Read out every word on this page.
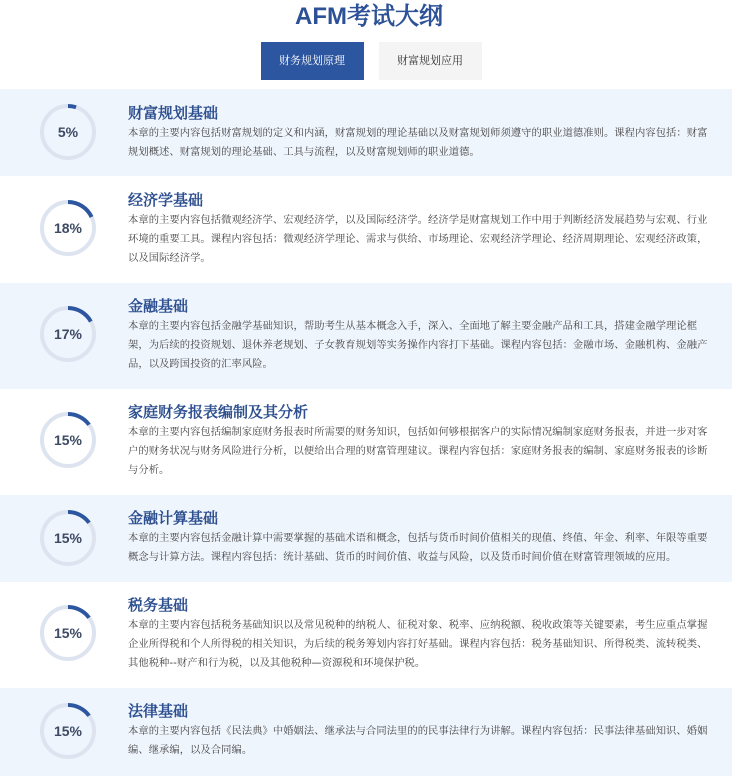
AFM考试大纲
财务规划原理	财富规划应用
5%
财富规划基础
本章的主要内容包括财富规划的定义和内涵，财富规划的理论基础以及财富规划师须遵守的职业道德准则。课程内容包括：财富规划概述、财富规划的理论基础、工具与流程，以及财富规划师的职业道德。
18%
经济学基础
本章的主要内容包括微观经济学、宏观经济学，以及国际经济学。经济学是财富规划工作中用于判断经济发展趋势与宏观、行业环境的重要工具。课程内容包括：微观经济学理论、需求与供给、市场理论、宏观经济学理论、经济周期理论、宏观经济政策，以及国际经济学。
17%
金融基础
本章的主要内容包括金融学基础知识，帮助考生从基本概念入手，深入、全面地了解主要金融产品和工具，搭建金融学理论框架，为后续的投资规划、退休养老规划、子女教育规划等实务操作内容打下基础。课程内容包括：金融市场、金融机构、金融产品，以及跨国投资的汇率风险。
15%
家庭财务报表编制及其分析
本章的主要内容包括编制家庭财务报表时所需要的财务知识，包括如何够根据客户的实际情况编制家庭财务报表，并进一步对客户的财务状况与财务风险进行分析，以便给出合理的财富管理建议。课程内容包括：家庭财务报表的编制、家庭财务报表的诊断与分析。
15%
金融计算基础
本章的主要内容包括金融计算中需要掌握的基础术语和概念，包括与货币时间价值相关的现值、终值、年金、利率、年限等重要概念与计算方法。课程内容包括：统计基础、货币的时间价值、收益与风险，以及货币时间价值在财富管理领域的应用。
15%
税务基础
本章的主要内容包括税务基础知识以及常见税种的纳税人、征税对象、税率、应纳税额、税收政策等关键要素，考生应重点掌握企业所得税和个人所得税的相关知识，为后续的税务筹划内容打好基础。课程内容包括：税务基础知识、所得税类、流转税类、其他税种--财产和行为税，以及其他税种—资源税和环境保护税。
15%
法律基础
本章的主要内容包括《民法典》中婚姻法、继承法与合同法里的的民事法律行为讲解。课程内容包括：民事法律基础知识、婚姻编、继承编，以及合同编。
